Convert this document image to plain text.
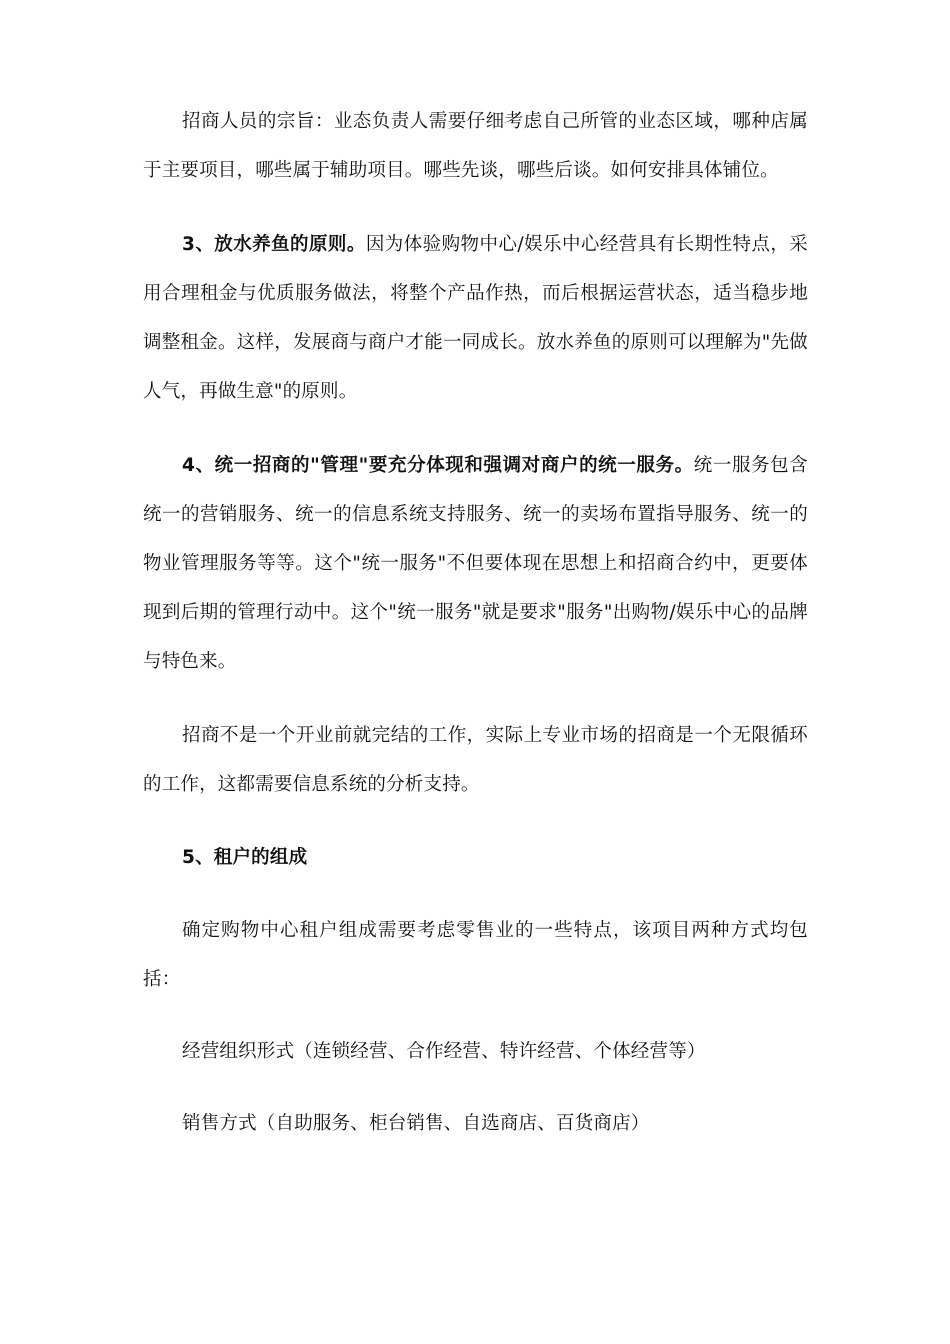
招商人员的宗旨：业态负责人需要仔细考虑自己所管的业态区域，哪种店属于主要项目，哪些属于辅助项目。哪些先谈，哪些后谈。如何安排具体铺位。

3、放水养鱼的原则。因为体验购物中心/娱乐中心经营具有长期性特点，采用合理租金与优质服务做法，将整个产品作热，而后根据运营状态，适当稳步地调整租金。这样，发展商与商户才能一同成长。放水养鱼的原则可以理解为"先做人气，再做生意"的原则。

4、统一招商的"管理"要充分体现和强调对商户的统一服务。统一服务包含统一的营销服务、统一的信息系统支持服务、统一的卖场布置指导服务、统一的物业管理服务等等。这个"统一服务"不但要体现在思想上和招商合约中，更要体现到后期的管理行动中。这个"统一服务"就是要求"服务"出购物/娱乐中心的品牌与特色来。

招商不是一个开业前就完结的工作，实际上专业市场的招商是一个无限循环的工作，这都需要信息系统的分析支持。

5、租户的组成

确定购物中心租户组成需要考虑零售业的一些特点，该项目两种方式均包括：

经营组织形式（连锁经营、合作经营、特许经营、个体经营等）

销售方式（自助服务、柜台销售、自选商店、百货商店）
